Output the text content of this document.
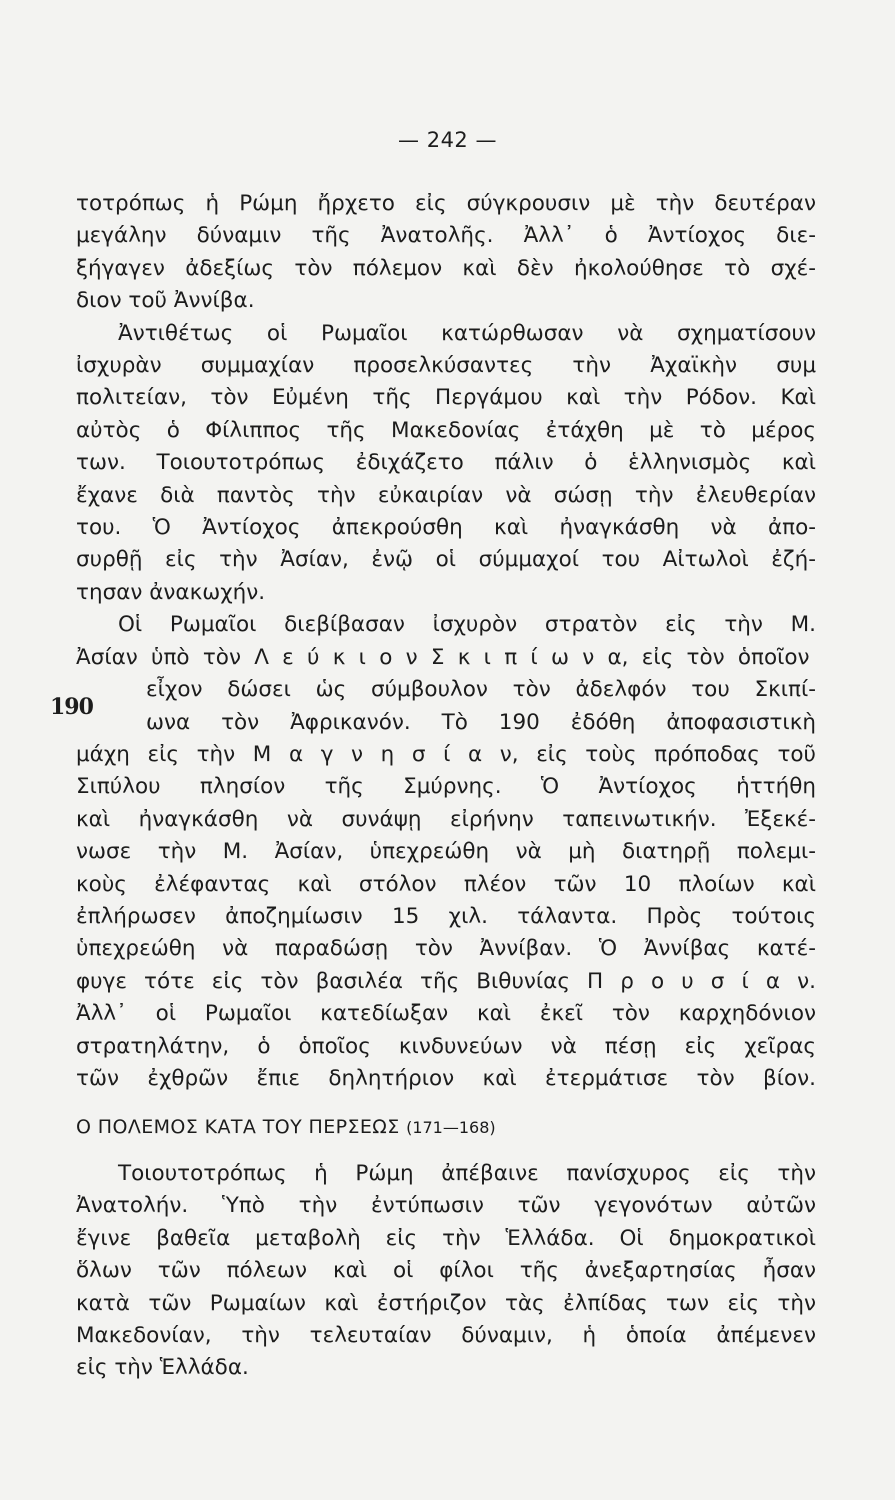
— 242 —
τοτρόπως ἡ Ρώμη ἤρχετο εἰς σύγκρουσιν μὲ τὴν δευτέραν
μεγάλην δύναμιν τῆς Ἀνατολῆς. Ἀλλ᾽ ὁ Ἀντίοχος διε-
ξήγαγεν ἀδεξίως τὸν πόλεμον καὶ δὲν ἠκολούθησε τὸ σχέ-
διον τοῦ Ἀννίβα.
Ἀντιθέτως οἱ Ρωμαῖοι κατώρθωσαν νὰ σχηματίσουν
ἰσχυρὰν συμμαχίαν προσελκύσαντες τὴν Ἀχαϊκὴν συμ
πολιτείαν, τὸν Εὐμένη τῆς Περγάμου καὶ τὴν Ρόδον. Καὶ
αὐτὸς ὁ Φίλιππος τῆς Μακεδονίας ἐτάχθη μὲ τὸ μέρος
των. Τοιουτοτρόπως ἐδιχάζετο πάλιν ὁ ἑλληνισμὸς καὶ
ἔχανε διὰ παντὸς τὴν εὐκαιρίαν νὰ σώσῃ τὴν ἐλευθερίαν
του. Ὁ Ἀντίοχος ἀπεκρούσθη καὶ ἠναγκάσθη νὰ ἀπο-
συρθῇ εἰς τὴν Ἀσίαν, ἐνῷ οἱ σύμμαχοί του Αἰτωλοὶ ἐζή-
τησαν ἀνακωχήν.
Οἱ Ρωμαῖοι διεβίβασαν ἰσχυρὸν στρατὸν εἰς τὴν Μ.
Ἀσίαν ὑπὸ τὸν Λ ε ύ κ ι ο ν Σ κ ι π ί ω ν α, εἰς τὸν ὁποῖον
εἶχον δώσει ὡς σύμβουλον τὸν ἀδελφόν του Σκιπί-
ωνα τὸν Ἀφρικανόν. Τὸ 190 ἐδόθη ἀποφασιστικὴ
μάχη εἰς τὴν Μ α γ ν η σ ί α ν, εἰς τοὺς πρόποδας τοῦ
Σιπύλου πλησίον τῆς Σμύρνης. Ὁ Ἀντίοχος ἡττήθη
καὶ ἠναγκάσθη νὰ συνάψῃ εἰρήνην ταπεινωτικήν. Ἐξεκέ-
νωσε τὴν Μ. Ἀσίαν, ὑπεχρεώθη νὰ μὴ διατηρῇ πολεμι-
κοὺς ἐλέφαντας καὶ στόλον πλέον τῶν 10 πλοίων καὶ
ἐπλήρωσεν ἀποζημίωσιν 15 χιλ. τάλαντα. Πρὸς τούτοις
ὑπεχρεώθη νὰ παραδώσῃ τὸν Ἀννίβαν. Ὁ Ἀννίβας κατέ-
φυγε τότε εἰς τὸν βασιλέα τῆς Βιθυνίας Π ρ ο υ σ ί α ν.
Ἀλλ᾽ οἱ Ρωμαῖοι κατεδίωξαν καὶ ἐκεῖ τὸν καρχηδόνιον
στρατηλάτην, ὁ ὁποῖος κινδυνεύων νὰ πέσῃ εἰς χεῖρας
τῶν ἐχθρῶν ἔπιε δηλητήριον καὶ ἐτερμάτισε τὸν βίον.
190
Ο ΠΟΛΕΜΟΣ ΚΑΤΑ ΤΟΥ ΠΕΡΣΕΩΣ (171—168)
Τοιουτοτρόπως ἡ Ρώμη ἀπέβαινε πανίσχυρος εἰς τὴν
Ἀνατολήν. Ὑπὸ τὴν ἐντύπωσιν τῶν γεγονότων αὐτῶν
ἔγινε βαθεῖα μεταβολὴ εἰς τὴν Ἑλλάδα. Οἱ δημοκρατικοὶ
ὅλων τῶν πόλεων καὶ οἱ φίλοι τῆς ἀνεξαρτησίας ἦσαν
κατὰ τῶν Ρωμαίων καὶ ἐστήριζον τὰς ἐλπίδας των εἰς τὴν
Μακεδονίαν, τὴν τελευταίαν δύναμιν, ἡ ὁποία ἀπέμενεν
εἰς τὴν Ἑλλάδα.
